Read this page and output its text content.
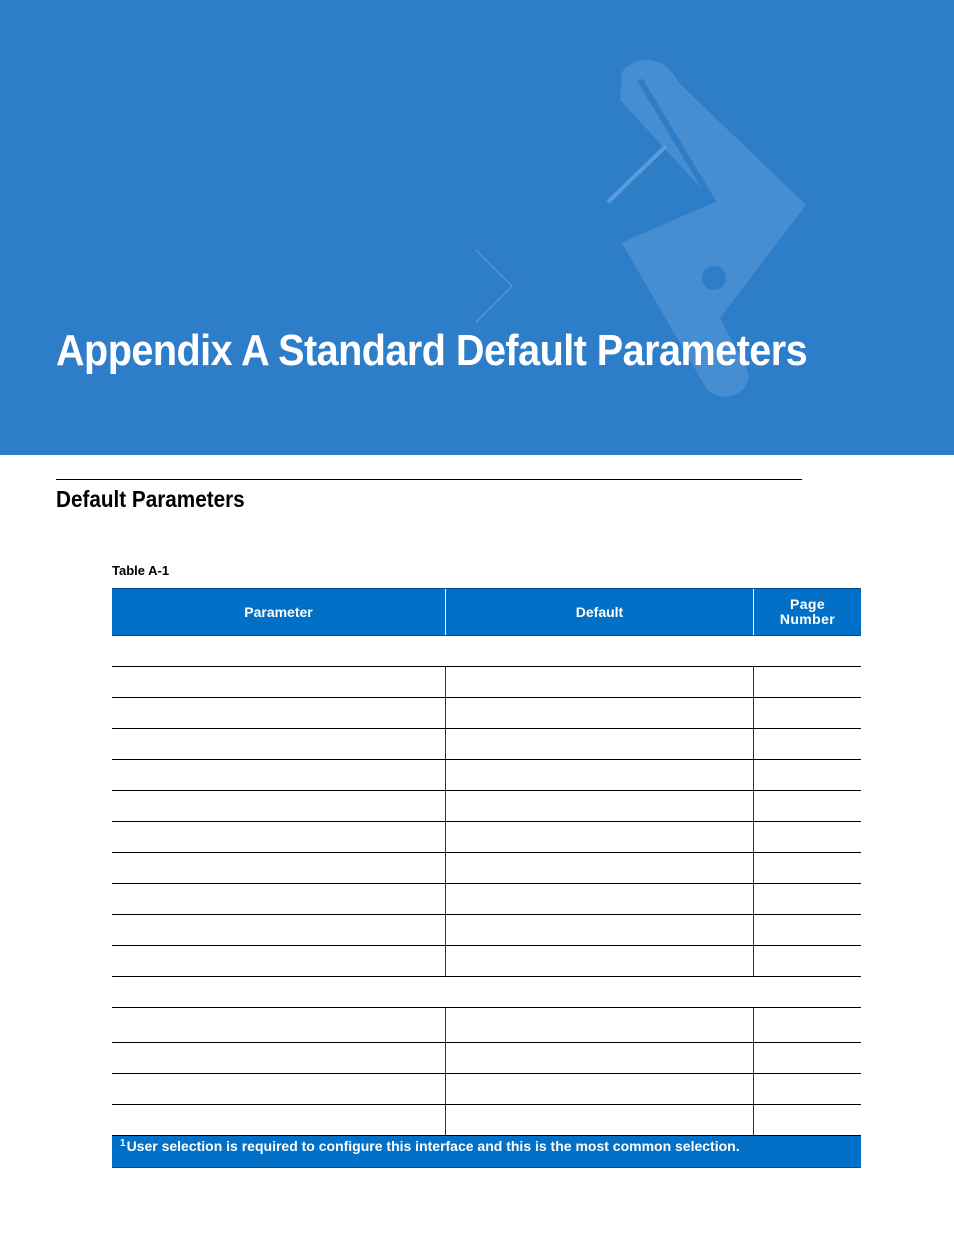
Appendix A Standard Default Parameters
Default Parameters
Table A-1
Parameter	Default	Page
Number
$^1$User selection is required to configure this interface and this is the most common selection.
